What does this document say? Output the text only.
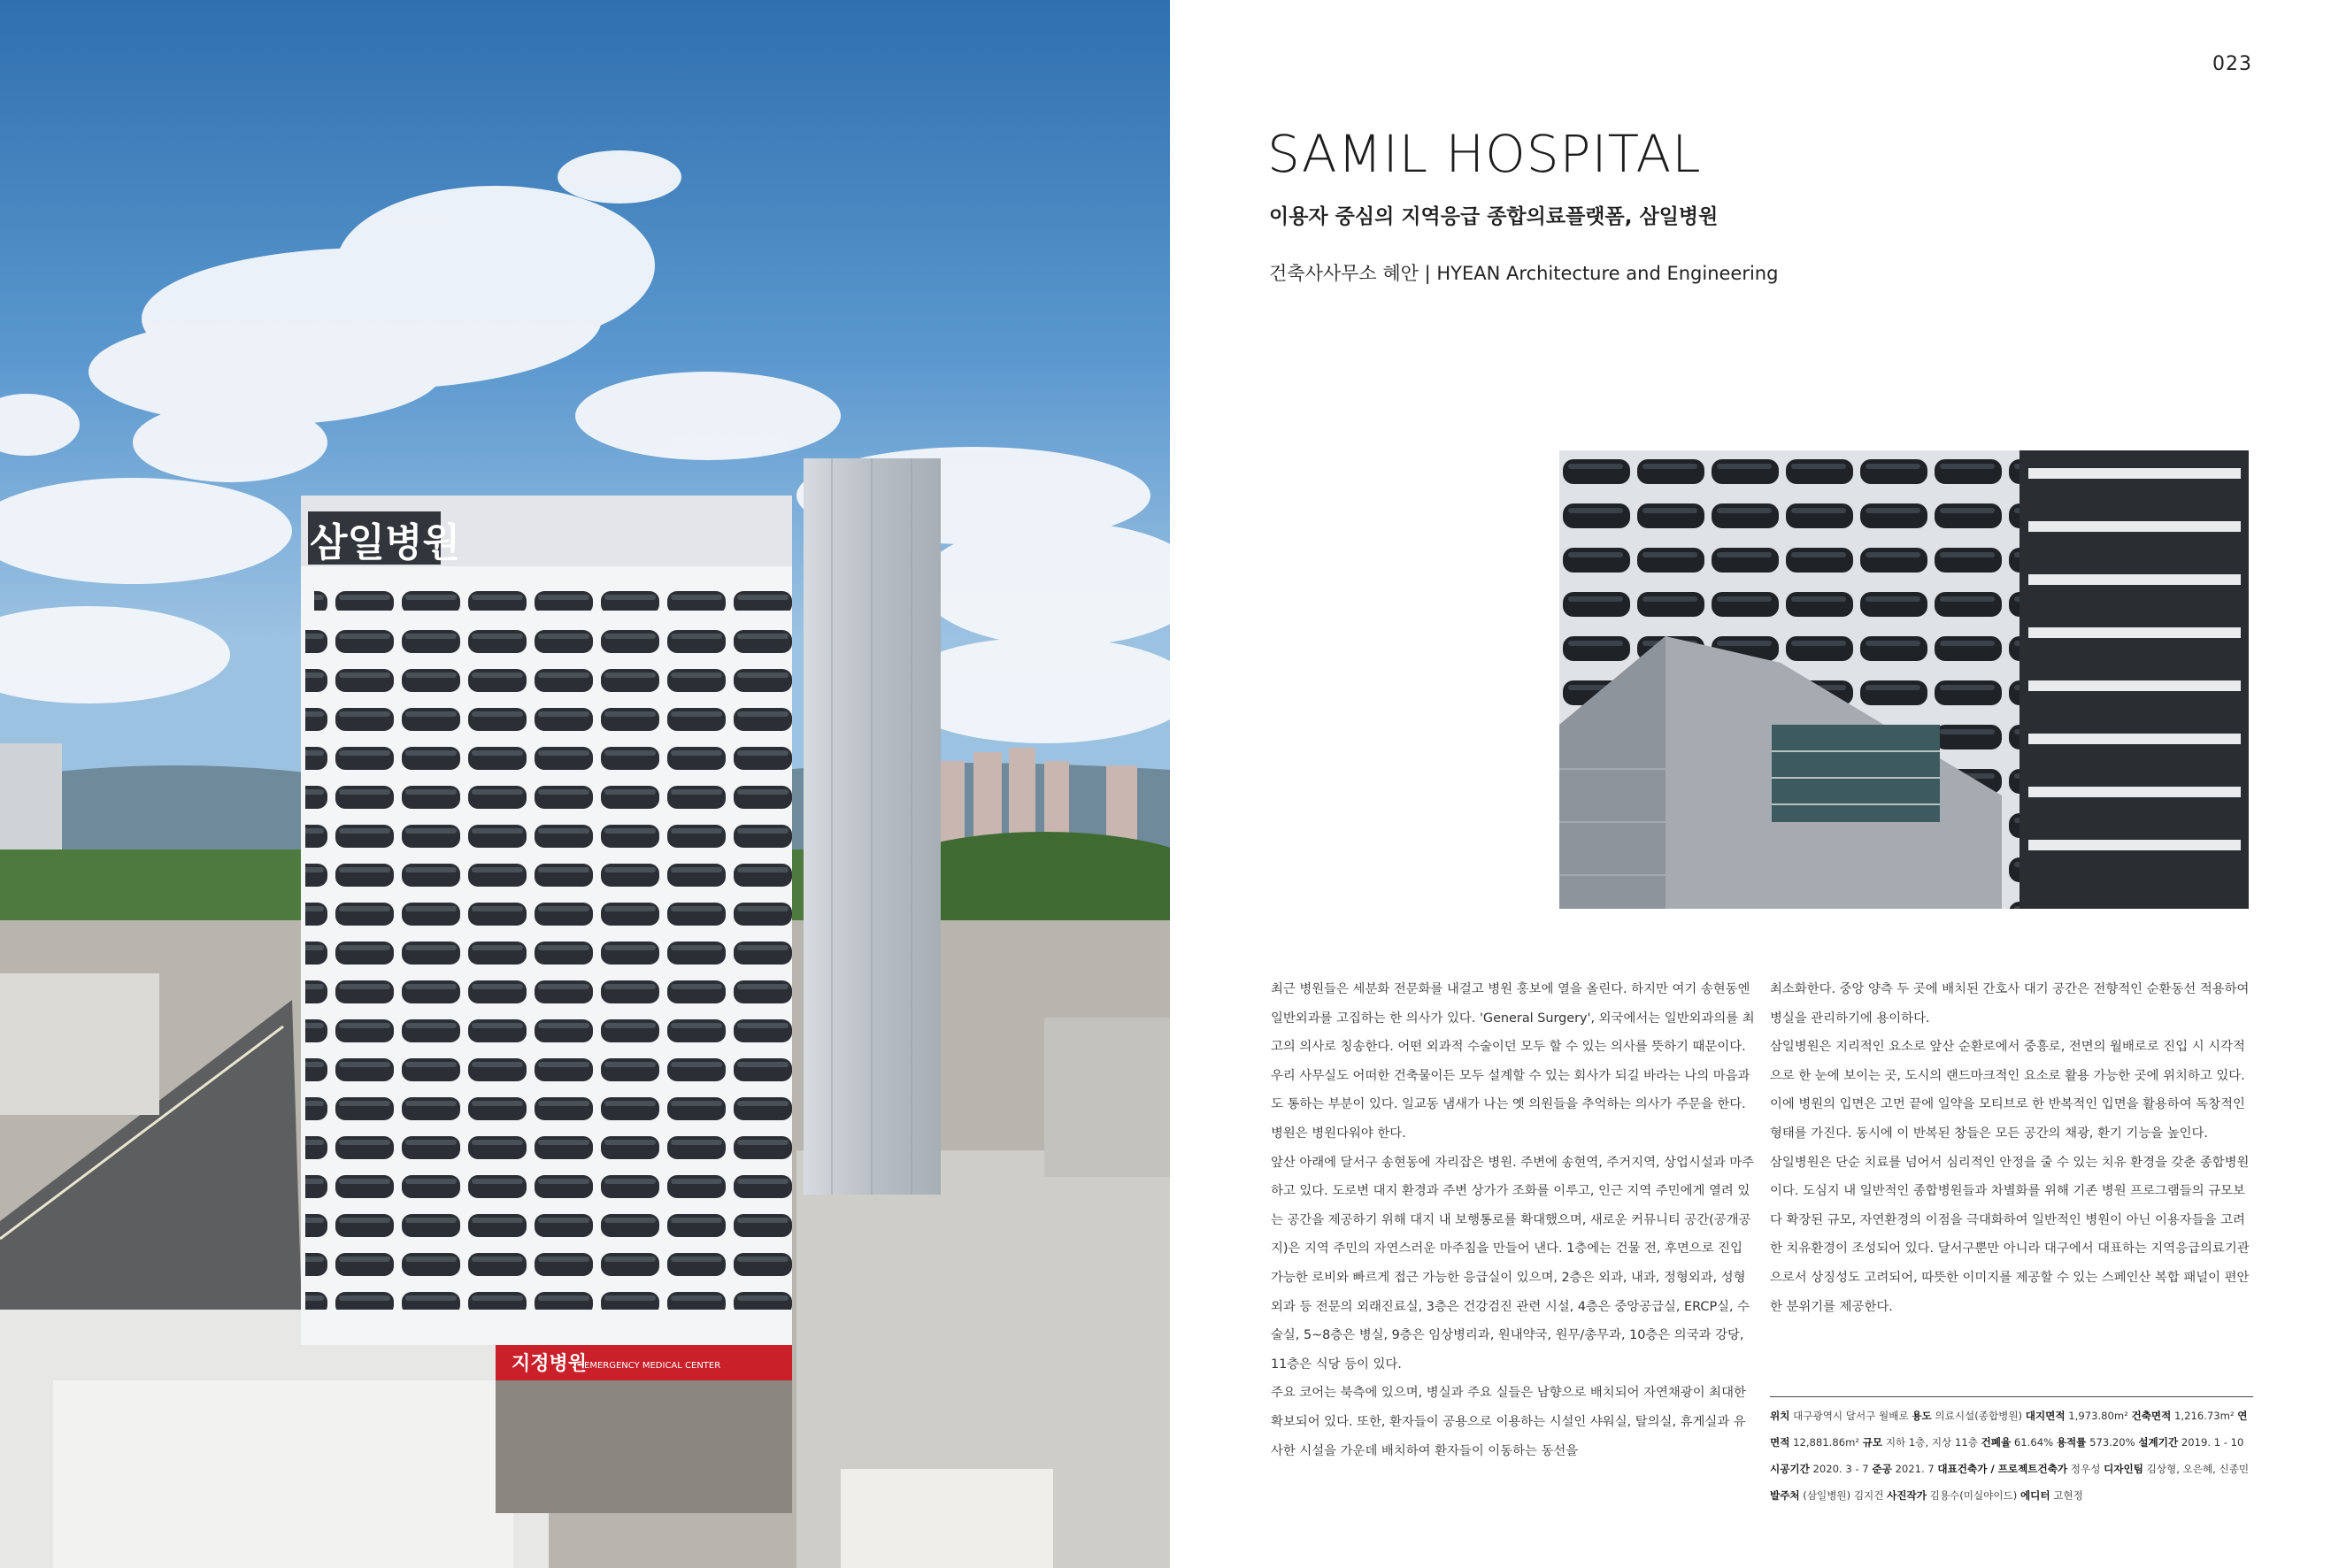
삼일병원
지정병원
EMERGENCY MEDICAL CENTER
023
SAMIL HOSPITAL
이용자 중심의 지역응급 종합의료플랫폼, 삼일병원
건축사사무소 혜안 | HYEAN Architecture and Engineering

최근 병원들은 세분화 전문화를 내걸고 병원 홍보에 열을 올린다. 하지만 여기 송현동엔 일반외과를 고집하는 한 의사가 있다. 'General Surgery', 외국에서는 일반외과의를 최고의 의사로 칭송한다. 어떤 외과적 수술이던 모두 할 수 있는 의사를 뜻하기 때문이다. 우리 사무실도 어떠한 건축물이든 모두 설계할 수 있는 회사가 되길 바라는 나의 마음과도 통하는 부분이 있다. 일교동 냄새가 나는 옛 의원들을 추억하는 의사가 주문을 한다. 병원은 병원다워야 한다.

앞산 아래에 달서구 송현동에 자리잡은 병원. 주변에 송현역, 주거지역, 상업시설과 마주하고 있다. 도로변 대지 환경과 주변 상가가 조화를 이루고, 인근 지역 주민에게 열려 있는 공간을 제공하기 위해 대지 내 보행통로를 확대했으며, 새로운 커뮤니티 공간(공개공지)은 지역 주민의 자연스러운 마주침을 만들어 낸다. 1층에는 건물 전, 후면으로 진입 가능한 로비와 빠르게 접근 가능한 응급실이 있으며, 2층은 외과, 내과, 정형외과, 성형외과 등 전문의 외래진료실, 3층은 건강검진 관련 시설, 4층은 중앙공급실, ERCP실, 수술실, 5~8층은 병실, 9층은 임상병리과, 원내약국, 원무/총무과, 10층은 의국과 강당, 11층은 식당 등이 있다.

주요 코어는 북측에 있으며, 병실과 주요 실들은 남향으로 배치되어 자연채광이 최대한 확보되어 있다. 또한, 환자들이 공용으로 이용하는 시설인 샤워실, 탈의실, 휴게실과 유사한 시설을 가운데 배치하여 환자들이 이동하는 동선을

최소화한다. 중앙 양측 두 곳에 배치된 간호사 대기 공간은 전향적인 순환동선 적용하여 병실을 관리하기에 용이하다.

삼일병원은 지리적인 요소로 앞산 순환로에서 중흥로, 전면의 월배로로 진입 시 시각적으로 한 눈에 보이는 곳, 도시의 랜드마크적인 요소로 활용 가능한 곳에 위치하고 있다. 이에 병원의 입면은 고먼 끝에 일약을 모티브로 한 반복적인 입면을 활용하여 독창적인 형태를 가진다. 동시에 이 반복된 창들은 모든 공간의 채광, 환기 기능을 높인다.

삼일병원은 단순 치료를 넘어서 심리적인 안정을 줄 수 있는 치유 환경을 갖춘 종합병원이다. 도심지 내 일반적인 종합병원들과 차별화를 위해 기존 병원 프로그램들의 규모보다 확장된 규모, 자연환경의 이점을 극대화하여 일반적인 병원이 아닌 이용자들을 고려한 치유환경이 조성되어 있다. 달서구뿐만 아니라 대구에서 대표하는 지역응급의료기관으로서 상징성도 고려되어, 따뜻한 이미지를 제공할 수 있는 스페인산 복합 패널이 편안한 분위기를 제공한다.

위치 대구광역시 달서구 월배로 용도 의료시설(종합병원) 대지면적 1,973.80m² 건축면적 1,216.73m² 연면적 12,881.86m² 규모 지하 1층, 지상 11층 건폐율 61.64% 용적률 573.20% 설계기간 2019. 1 - 10 시공기간 2020. 3 - 7 준공 2021. 7 대표건축가 / 프로젝트건축가 정우성 디자인팀 김상형, 오은혜, 신종민 발주처 (삼일병원) 김지건 사진작가 김용수(미실야이드) 에디터 고현정
